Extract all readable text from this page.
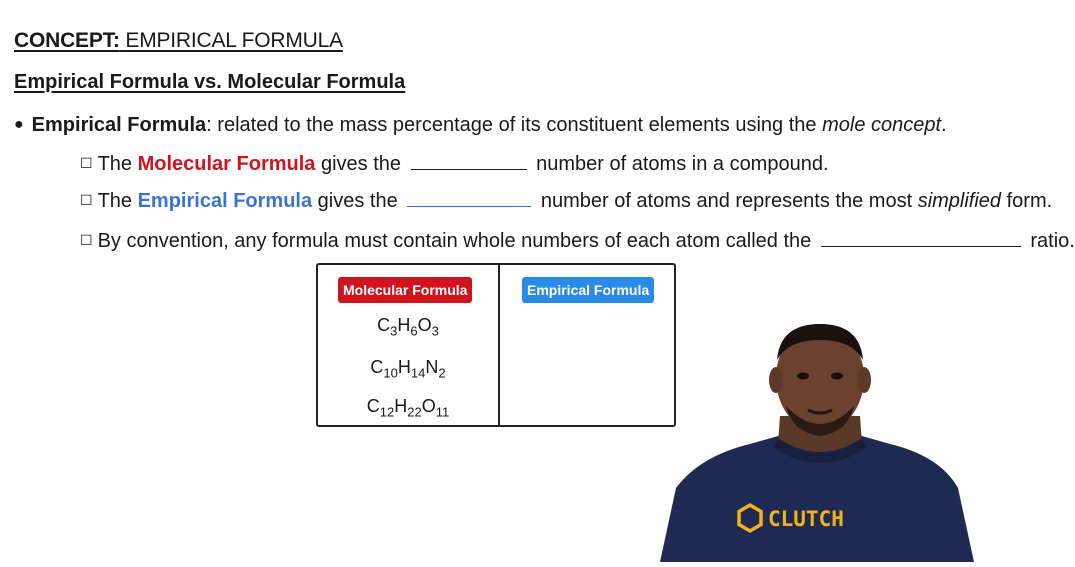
CONCEPT: EMPIRICAL FORMULA
Empirical Formula vs. Molecular Formula
● Empirical Formula: related to the mass percentage of its constituent elements using the mole concept.
☐ The Molecular Formula gives the	number of atoms in a compound.
☐ The Empirical Formula gives the	number of atoms and represents the most simplified form.
☐ By convention, any formula must contain whole numbers of each atom called the	ratio.
Molecular Formula	Empirical Formula
$C_3H_6O_3$
$C_{10}H_{14}N_2$
$C_{12}H_{22}O_{11}$
CLUTCH
